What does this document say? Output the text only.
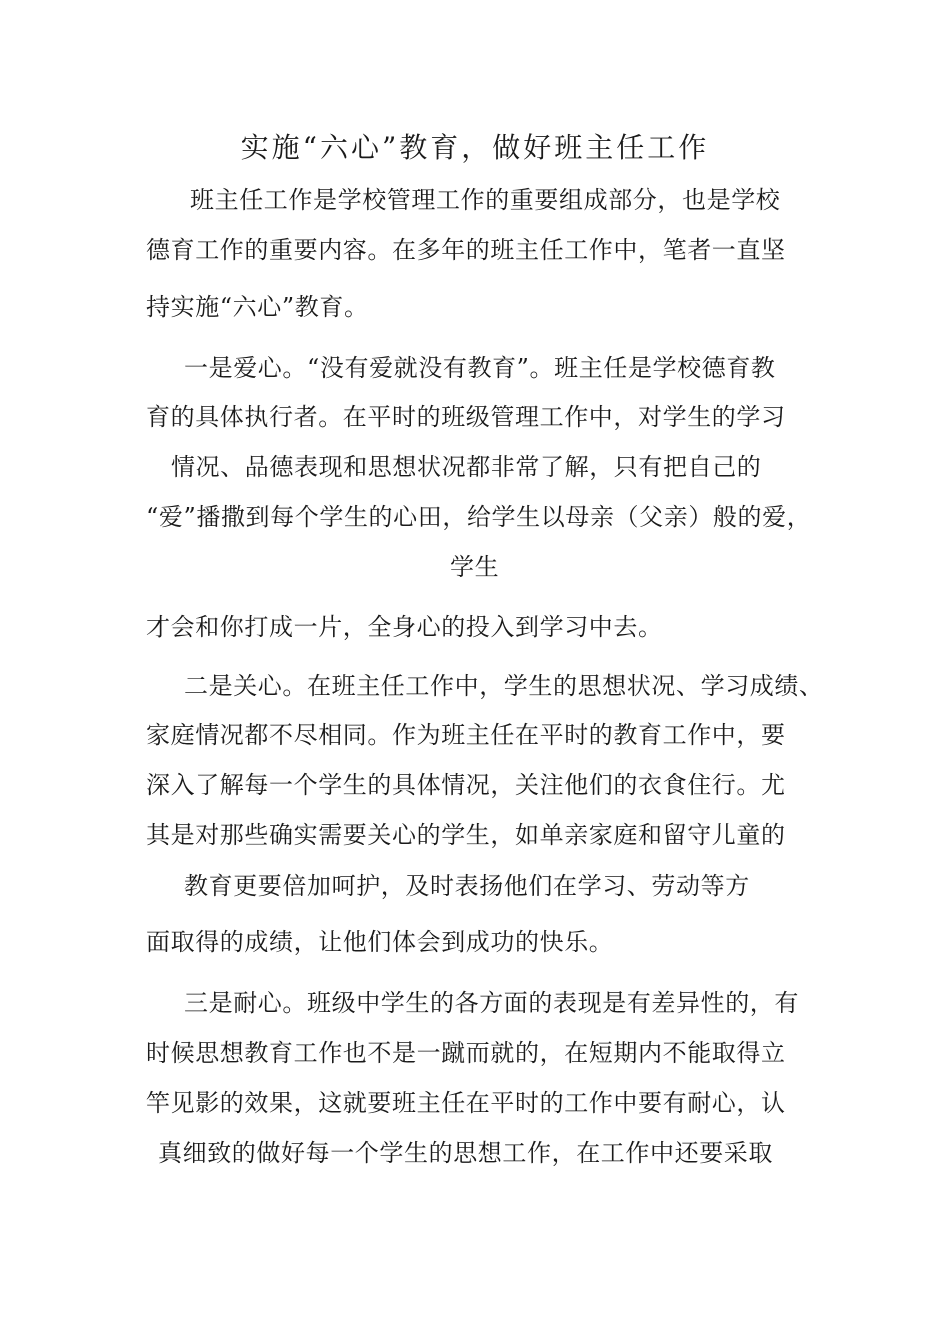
实施“六心”教育，做好班主任工作
班主任工作是学校管理工作的重要组成部分，也是学校
德育工作的重要内容。在多年的班主任工作中，笔者一直坚
持实施“六心”教育。
一是爱心。“没有爱就没有教育”。班主任是学校德育教
育的具体执行者。在平时的班级管理工作中，对学生的学习
情况、品德表现和思想状况都非常了解，只有把自己的
“爱”播撒到每个学生的心田，给学生以母亲（父亲）般的爱，
学生
才会和你打成一片，全身心的投入到学习中去。
二是关心。在班主任工作中，学生的思想状况、学习成绩、
家庭情况都不尽相同。作为班主任在平时的教育工作中，要
深入了解每一个学生的具体情况，关注他们的衣食住行。尤
其是对那些确实需要关心的学生，如单亲家庭和留守儿童的
教育更要倍加呵护，及时表扬他们在学习、劳动等方
面取得的成绩，让他们体会到成功的快乐。
三是耐心。班级中学生的各方面的表现是有差异性的，有
时候思想教育工作也不是一蹴而就的，在短期内不能取得立
竿见影的效果，这就要班主任在平时的工作中要有耐心，认
真细致的做好每一个学生的思想工作，在工作中还要采取
